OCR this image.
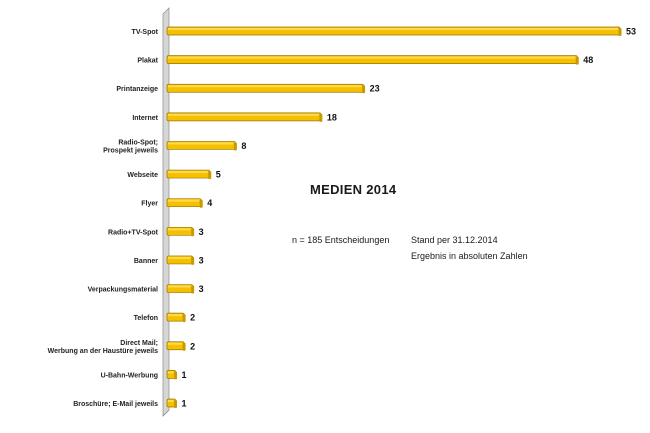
53
TV-Spot
48
Plakat
23
Printanzeige
18
Internet
8
Radio-Spot;
Prospekt jeweils
5
Webseite
4
Flyer
3
Radio+TV-Spot
3
Banner
3
Verpackungsmaterial
2
Telefon
2
Direct Mail;
Werbung an der Haustüre jeweils
1
U-Bahn-Werbung
1
Broschüre; E-Mail jeweils
MEDIEN 2014
n = 185 Entscheidungen Stand per 31.12.2014
Ergebnis in absoluten Zahlen
